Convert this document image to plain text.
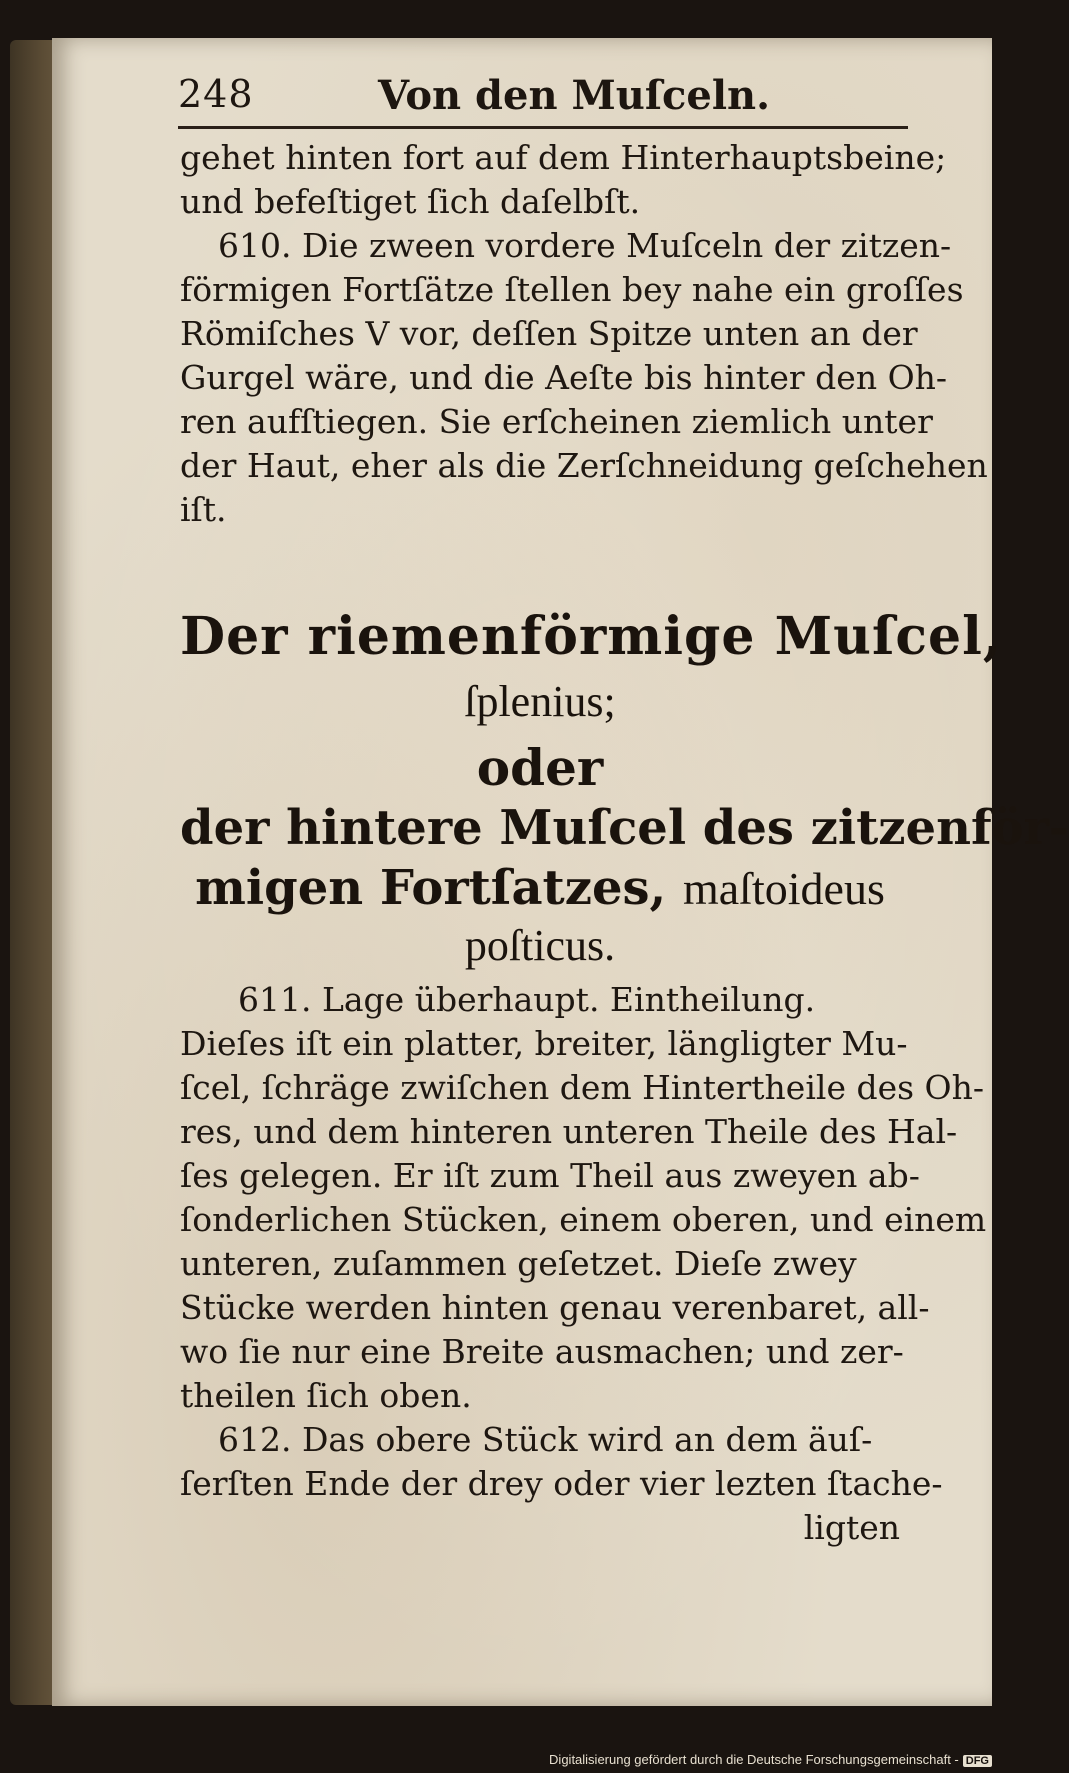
248	Von den Muſceln.
gehet hinten fort auf dem Hinterhauptsbeine;
und befeſtiget ſich daſelbſt.
610. Die zween vordere Muſceln der zitzen-
förmigen Fortſätze ſtellen bey nahe ein groſſes
Römiſches V vor, deſſen Spitze unten an der
Gurgel wäre, und die Aeſte bis hinter den Oh-
ren aufſtiegen. Sie erſcheinen ziemlich unter
der Haut, eher als die Zerſchneidung geſchehen
iſt.
Der riemenförmige Muſcel,
ſplenius;
oder
der hintere Muſcel des zitzenför-
migen Fortſatzes, maſtoideus
poſticus.
611. Lage überhaupt. Eintheilung.
Dieſes iſt ein platter, breiter, längligter Mu-
ſcel, ſchräge zwiſchen dem Hintertheile des Oh-
res, und dem hinteren unteren Theile des Hal-
ſes gelegen. Er iſt zum Theil aus zweyen ab-
ſonderlichen Stücken, einem oberen, und einem
unteren, zuſammen geſetzet. Dieſe zwey
Stücke werden hinten genau verenbaret, all-
wo ſie nur eine Breite ausmachen; und zer-
theilen ſich oben.
612. Das obere Stück wird an dem äuſ-
ſerſten Ende der drey oder vier lezten ſtache-
ligten
Digitalisierung gefördert durch die Deutsche Forschungsgemeinschaft - DFG
